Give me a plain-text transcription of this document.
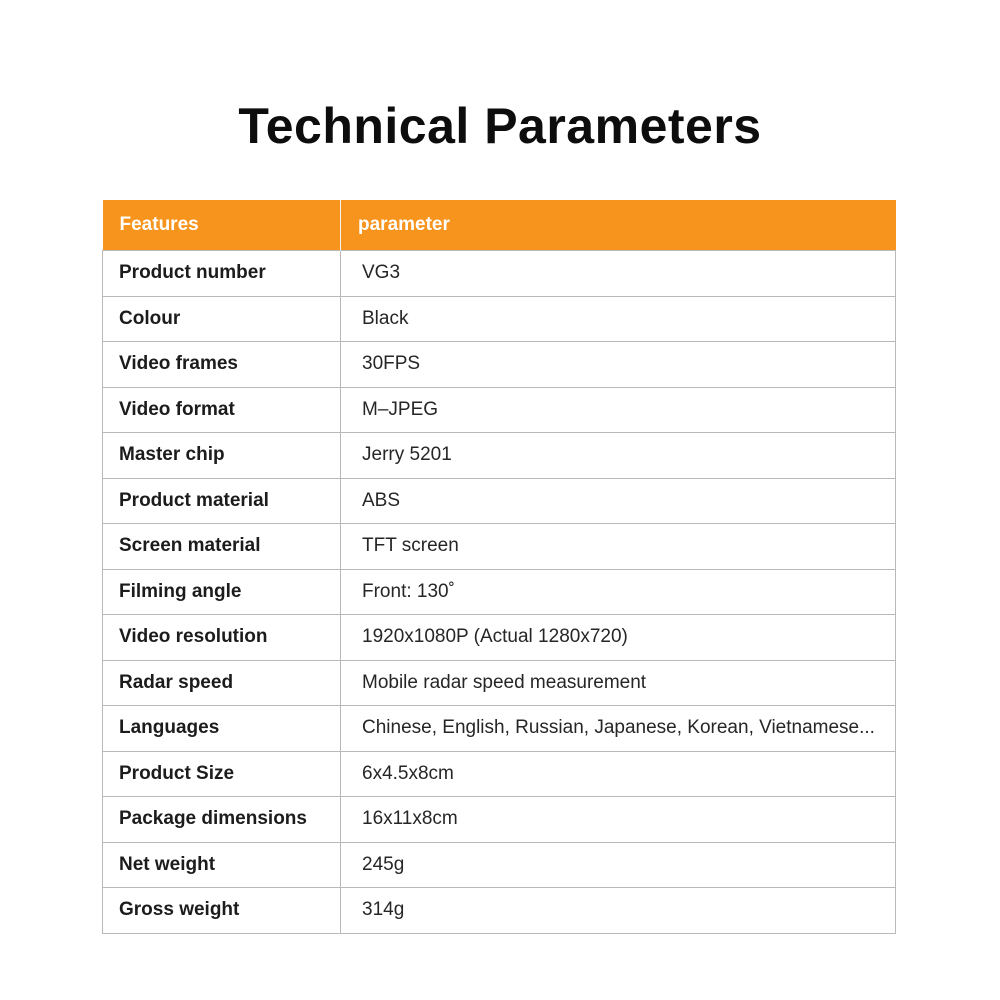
Technical Parameters
Features	parameter
Product number	VG3
Colour	Black
Video frames	30FPS
Video format	M–JPEG
Master chip	Jerry 5201
Product material	ABS
Screen material	TFT screen
Filming angle	Front: 130˚
Video resolution	1920x1080P (Actual 1280x720)
Radar speed	Mobile radar speed measurement
Languages	Chinese, English, Russian, Japanese, Korean, Vietnamese...
Product Size	6x4.5x8cm
Package dimensions	16x11x8cm
Net weight	245g
Gross weight	314g
